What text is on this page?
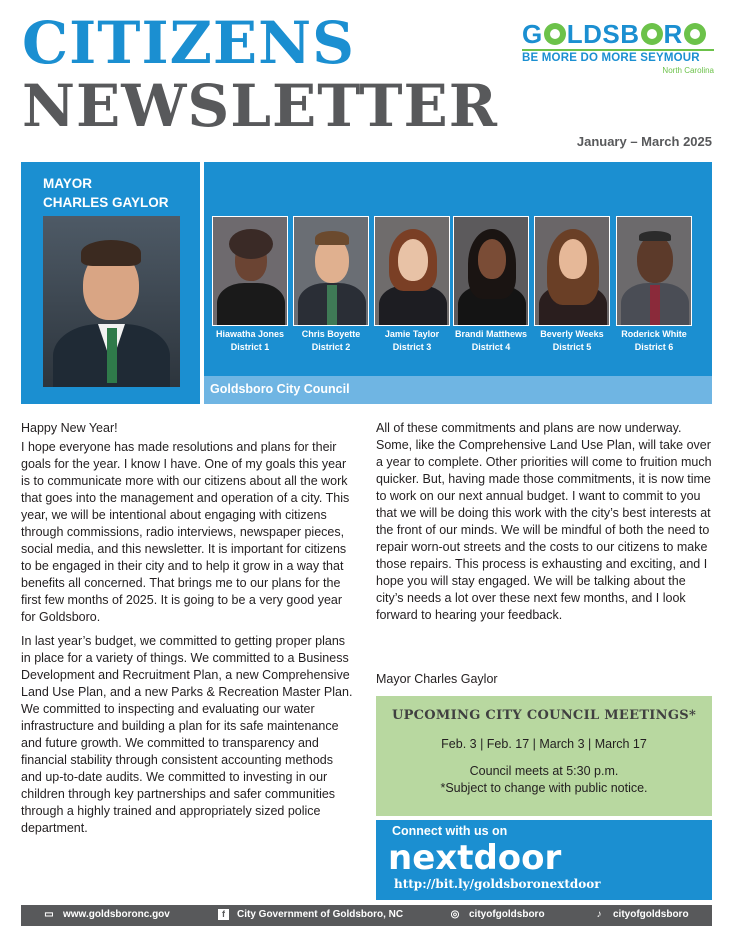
CITIZENS
NEWSLETTER
G LDSB R
BE MORE DO MORE SEYMOUR
North Carolina
January – March 2025
MAYOR
CHARLES GAYLOR
Hiawatha Jones
District 1
Chris Boyette
District 2
Jamie Taylor
District 3
Brandi Matthews
District 4
Beverly Weeks
District 5
Roderick White
District 6
Goldsboro City Council

Happy New Year!

I hope everyone has made resolutions and plans for their goals for the year. I know I have. One of my goals this year is to communicate more with our citizens about all the work that goes into the management and operation of a city. This year, we will be intentional about engaging with citizens through commissions, radio interviews, newspaper pieces, social media, and this newsletter. It is important for citizens to be engaged in their city and to help it grow in a way that benefits all concerned. That brings me to our plans for the first few months of 2025. It is going to be a very good year for Goldsboro.

In last year’s budget, we committed to getting proper plans in place for a variety of things. We committed to a Business Development and Recruitment Plan, a new Comprehensive Land Use Plan, and a new Parks & Recreation Master Plan. We committed to inspecting and evaluating our water infrastructure and building a plan for its safe maintenance and future growth. We committed to transparency and financial stability through consistent accounting methods and up-to-date audits. We committed to investing in our children through key partnerships and safer communities through a highly trained and appropriately sized police department.

All of these commitments and plans are now underway. Some, like the Comprehensive Land Use Plan, will take over a year to complete. Other priorities will come to fruition much quicker. But, having made those commitments, it is now time to work on our next annual budget. I want to commit to you that we will be doing this work with the city’s best interests at the front of our minds. We will be mindful of both the need to repair worn-out streets and the costs to our citizens to make those repairs. This process is exhausting and exciting, and I hope you will stay engaged. We will be talking about the city’s needs a lot over these next few months, and I look forward to hearing your feedback.

Mayor Charles Gaylor
UPCOMING CITY COUNCIL MEETINGS*
Feb. 3 | Feb. 17 | March 3 | March 17
Council meets at 5:30 p.m.
*Subject to change with public notice.
Connect with us on
nextdoor
http://bit.ly/goldsboronextdoor
▭ www.goldsboronc.gov	f	City Government of Goldsboro, NC	◎ cityofgoldsboro	♪	cityofgoldsboro
